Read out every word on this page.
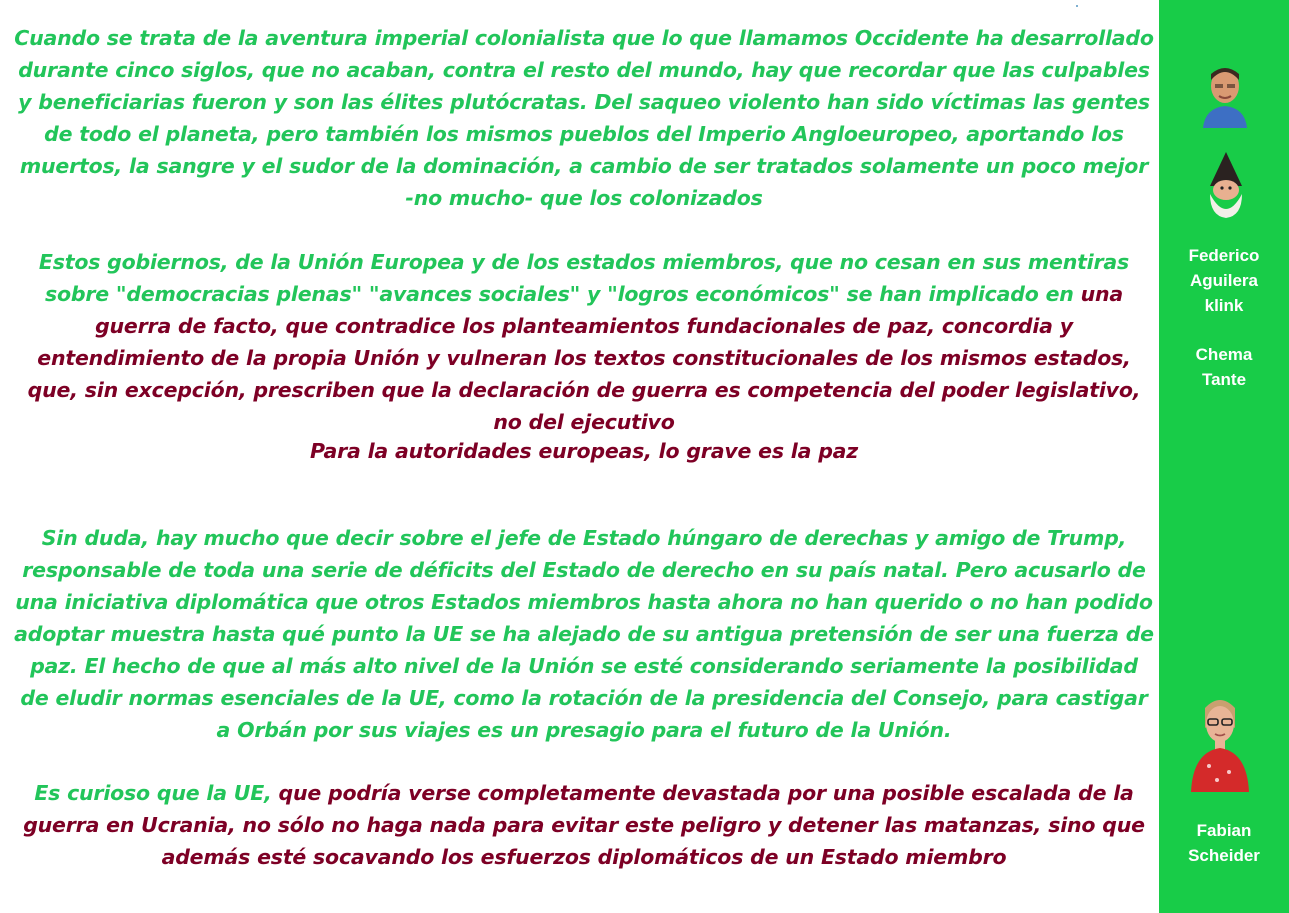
Cuando se trata de la aventura imperial colonialista que lo que llamamos Occidente ha desarrollado durante cinco siglos, que no acaban, contra el resto del mundo, hay que recordar que las culpables y beneficiarias fueron y son las élites plutócratas. Del saqueo violento han sido víctimas las gentes de todo el planeta, pero también los mismos pueblos del Imperio Angloeuropeo, aportando los muertos, la sangre y el sudor de la dominación, a cambio de ser tratados solamente un poco mejor -no mucho- que los colonizados

Estos gobiernos, de la Unión Europea y de los estados miembros, que no cesan en sus mentiras sobre "democracias plenas" "avances sociales" y "logros económicos" se han implicado en una guerra de facto, que contradice los planteamientos fundacionales de paz, concordia y entendimiento de la propia Unión y vulneran los textos constitucionales de los mismos estados, que, sin excepción, prescriben que la declaración de guerra es competencia del poder legislativo, no del ejecutivo

Para la autoridades europeas, lo grave es la paz

Sin duda, hay mucho que decir sobre el jefe de Estado húngaro de derechas y amigo de Trump, responsable de toda una serie de déficits del Estado de derecho en su país natal. Pero acusarlo de una iniciativa diplomática que otros Estados miembros hasta ahora no han querido o no han podido adoptar muestra hasta qué punto la UE se ha alejado de su antigua pretensión de ser una fuerza de paz. El hecho de que al más alto nivel de la Unión se esté considerando seriamente la posibilidad de eludir normas esenciales de la UE, como la rotación de la presidencia del Consejo, para castigar a Orbán por sus viajes es un presagio para el futuro de la Unión.

Es curioso que la UE, que podría verse completamente devastada por una posible escalada de la guerra en Ucrania, no sólo no haga nada para evitar este peligro y detener las matanzas, sino que además esté socavando los esfuerzos diplomáticos de un Estado miembro

Federico
Aguilera
klink
Chema
Tante
Fabian
Scheider
